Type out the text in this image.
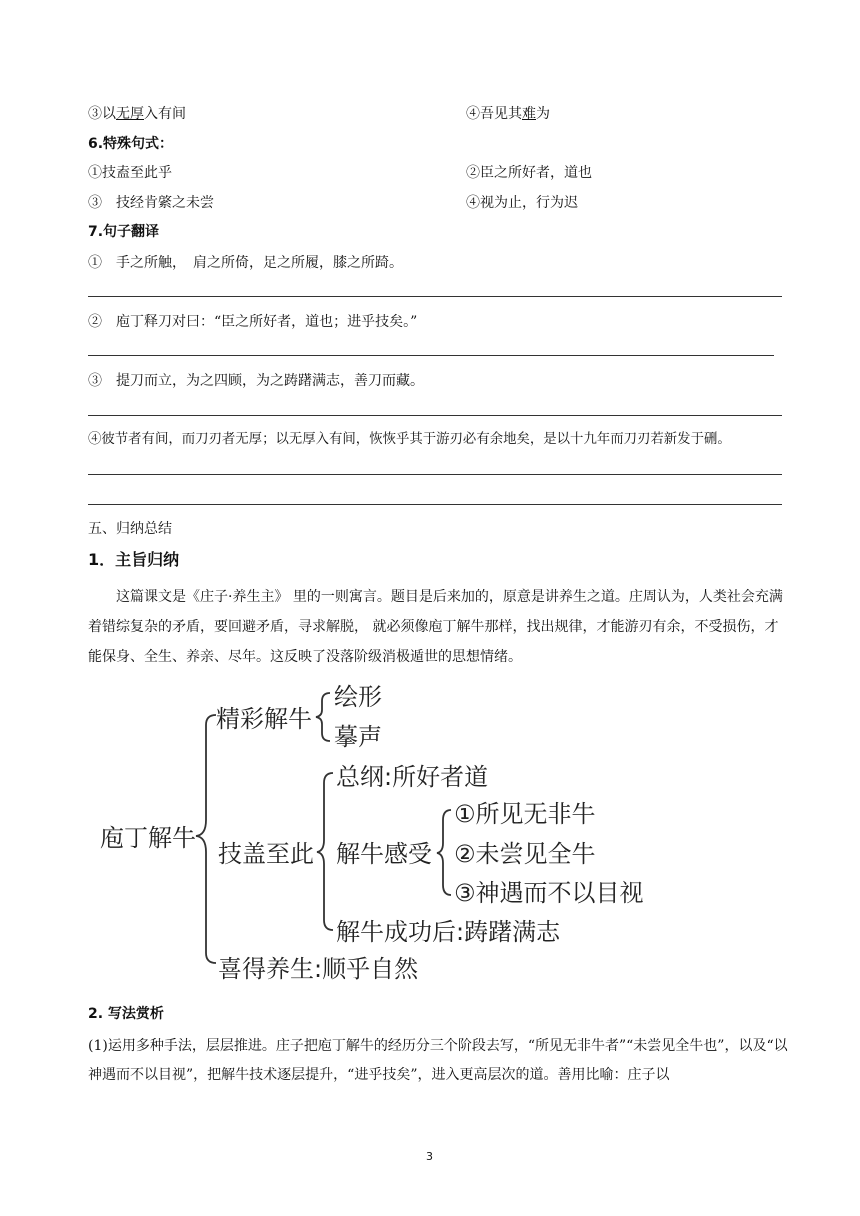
③以无厚入有间	④吾见其难为
6.特殊句式：
①技盍至此乎	②臣之所好者，道也
③　技经肯綮之未尝	④视为止，行为迟
7.句子翻译
①　手之所触，　肩之所倚，足之所履，膝之所踦。
②　庖丁释刀对曰：“臣之所好者，道也；进乎技矣。”
③　提刀而立，为之四顾，为之踌躇满志，善刀而藏。
④彼节者有间，而刀刃者无厚；以无厚入有间，恢恢乎其于游刃必有余地矣，是以十九年而刀刃若新发于硎。
五、归纳总结
1．主旨归纳
这篇课文是《庄子·养生主》 里的一则寓言。题目是后来加的，原意是讲养生之道。庄周认为，人类社会充满着错综复杂的矛盾，要回避矛盾，寻求解脱， 就必须像庖丁解牛那样，找出规律，才能游刃有余，不受损伤，才能保身、全生、养亲、尽年。这反映了没落阶级消极遁世的思想情绪。
庖丁解牛
精彩解牛
绘形
摹声
技盖至此
总纲:所好者道
解牛感受
①所见无非牛
②未尝见全牛
③神遇而不以目视
解牛成功后:踌躇满志
喜得养生:顺乎自然
2. 写法赏析
(1)运用多种手法，层层推进。庄子把庖丁解牛的经历分三个阶段去写，“所见无非牛者”“未尝见全牛也”，以及“以神遇而不以目视”，把解牛技术逐层提升，“进乎技矣”，进入更高层次的道。善用比喻：庄子以
3
